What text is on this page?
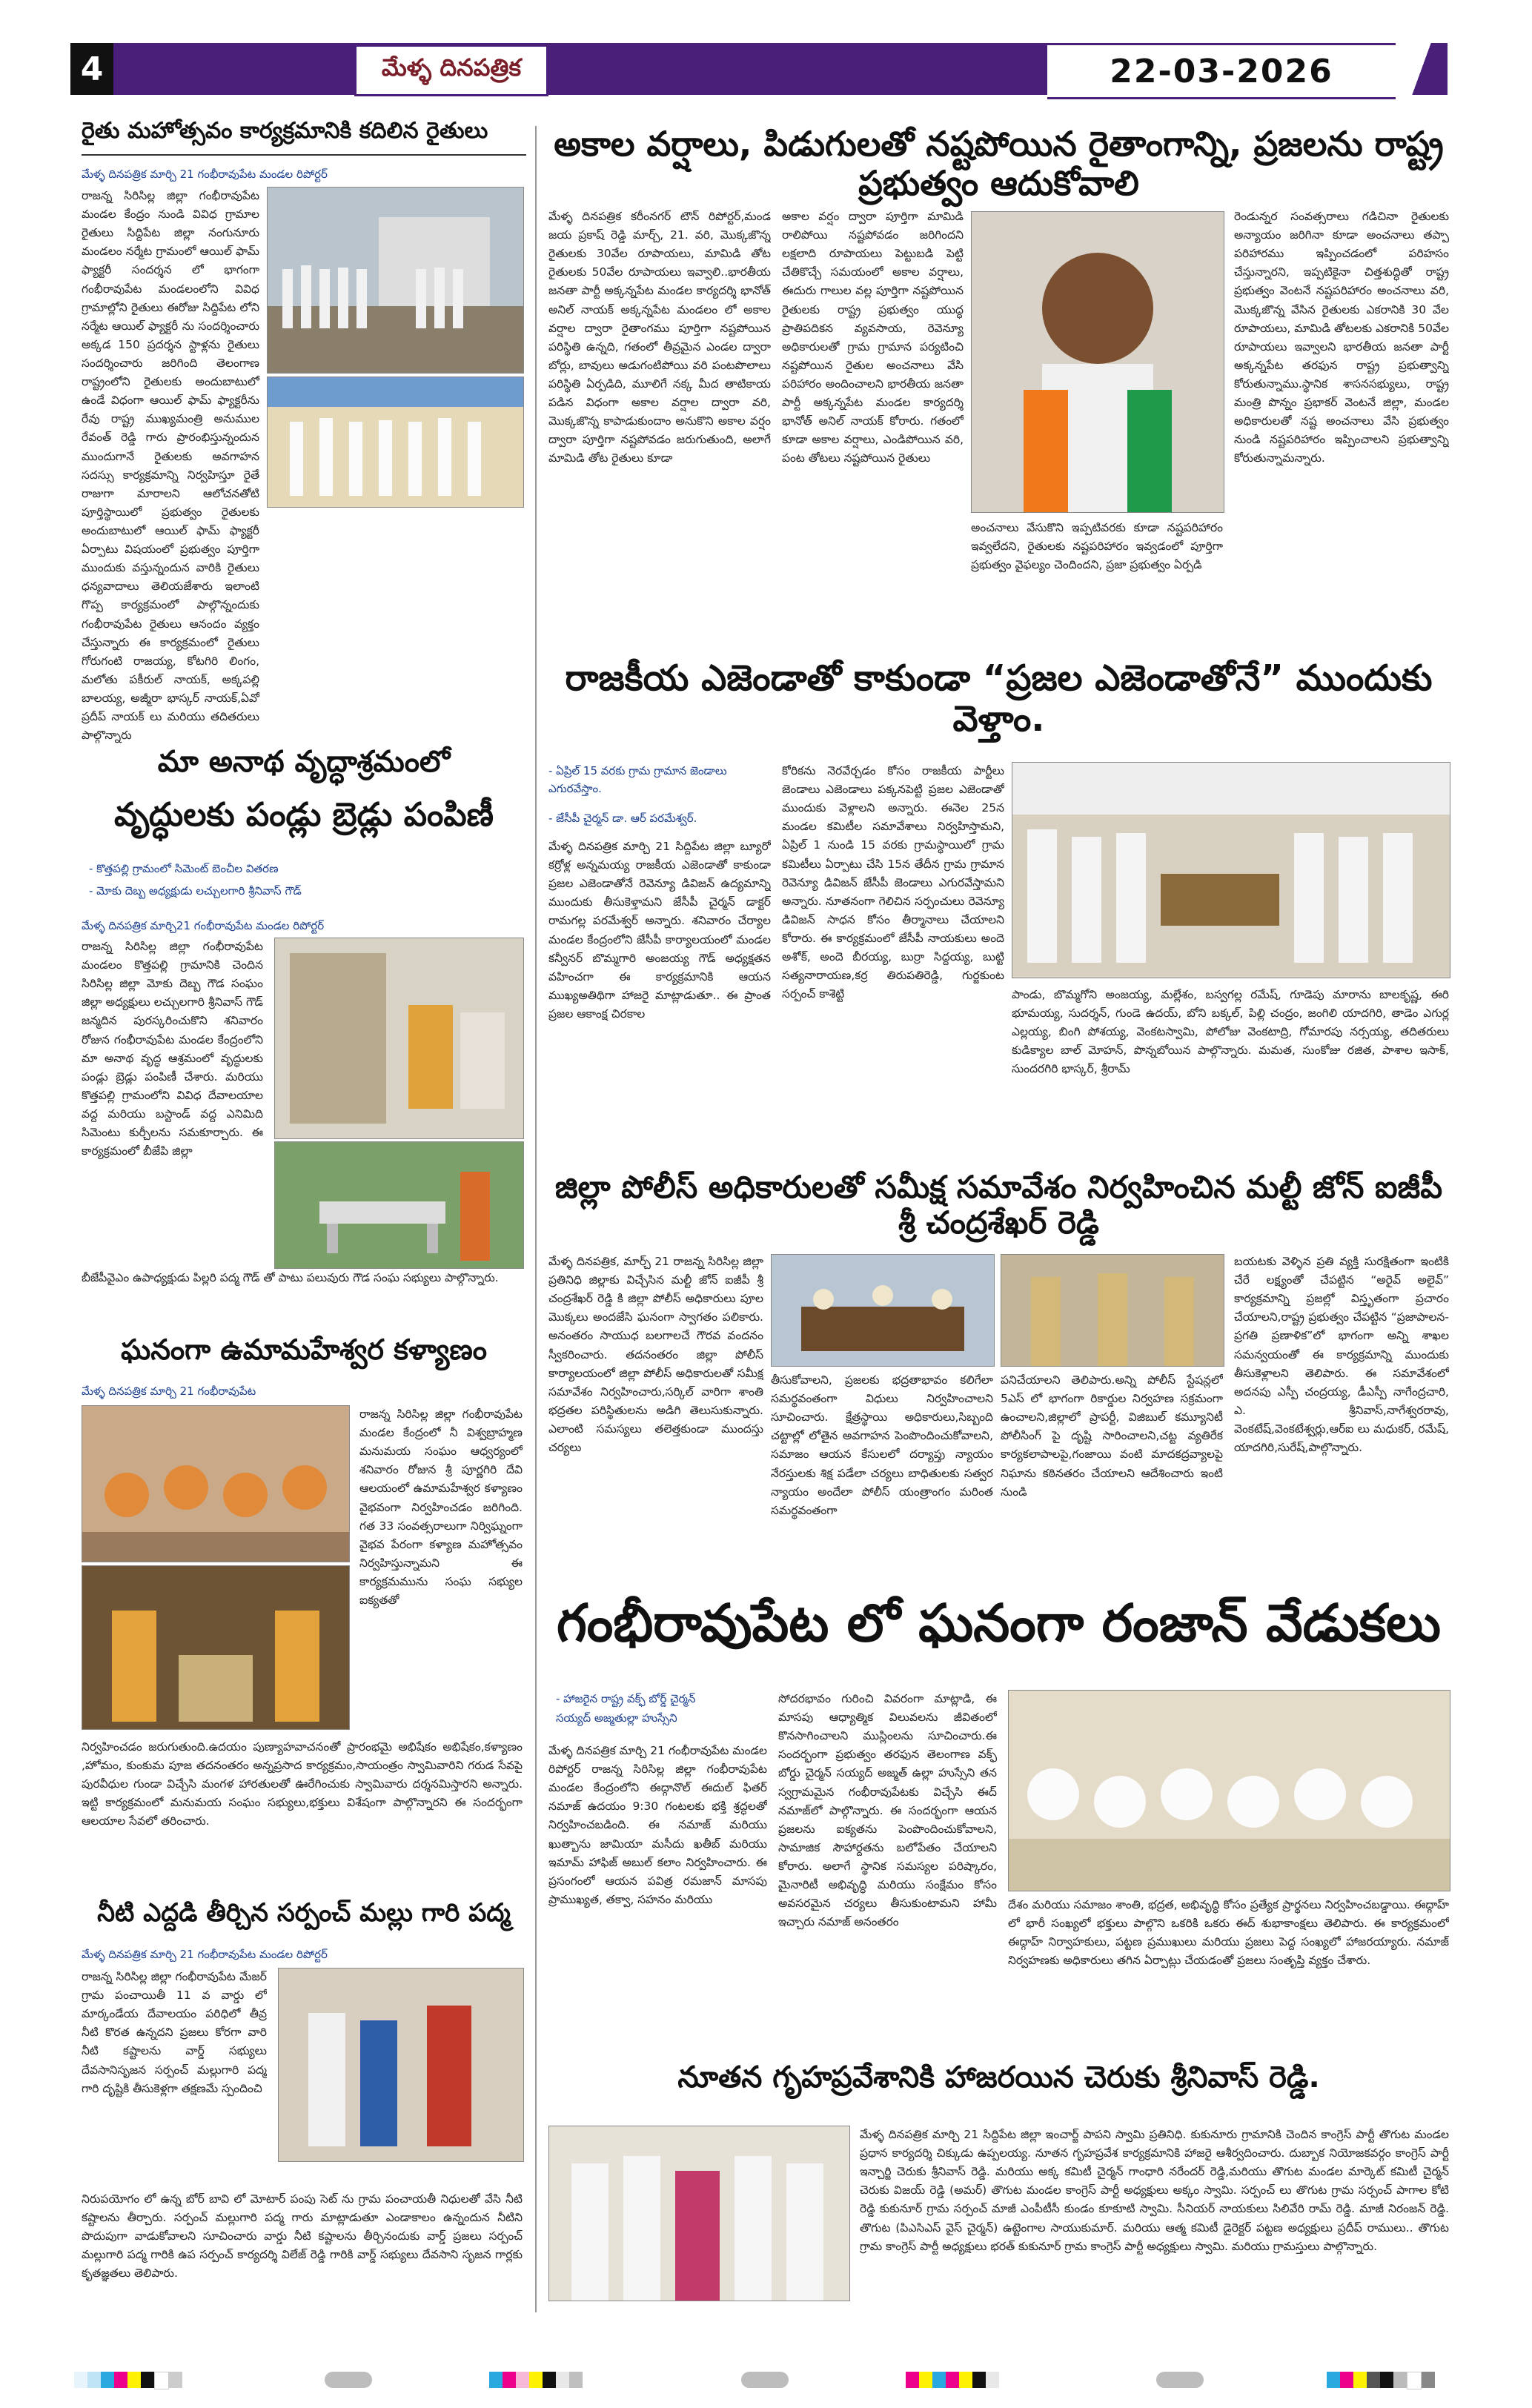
4	మేళ్ళ దినపత్రిక	22-03-2026
రైతు మహోత్సవం కార్యక్రమానికి కదిలిన రైతులు
మేళ్ళ దినపత్రిక మార్చి 21 గంభీరావుపేట మండల రిపోర్టర్
రాజన్న సిరిసిల్ల జిల్లా గంభీరావుపేట మండల కేంద్రం నుండి వివిధ గ్రామాల రైతులు సిద్దిపేట జిల్లా నంగునూరు మండలం నర్మేట గ్రామంలో ఆయిల్ ఫామ్ ఫ్యాక్టరీ సందర్శన లో భాగంగా గంభీరావుపేట మండలంలోని వివిధ గ్రామాల్లోని రైతులు ఈరోజు సిద్దిపేట లోని నర్మేట ఆయిల్ ఫ్యాక్టరీ ను సందర్శించారు అక్కడ 150 ప్రదర్శన స్టాళ్లను రైతులు సందర్శించారు జరిగింది తెలంగాణ రాష్ట్రంలోని రైతులకు అందుబాటులో ఉండే విధంగా ఆయిల్ ఫామ్ ఫ్యాక్టరీను రేవు రాష్ట్ర ముఖ్యమంత్రి అనుముల రేవంత్ రెడ్డి గారు ప్రారంభిస్తున్నందున ముందుగానే రైతులకు అవగాహన సదస్సు కార్యక్రమాన్ని నిర్వహిస్తూ రైతే రాజుగా మారాలని ఆలోచనతోటి పూర్తిస్థాయిలో ప్రభుత్వం రైతులకు అందుబాటులో ఆయిల్ ఫామ్ ఫ్యాక్టరీ ఏర్పాటు విషయంలో ప్రభుత్వం పూర్తిగా ముందుకు వస్తున్నందున వారికి రైతులు ధన్యవాదాలు తెలియజేశారు ఇలాంటి గొప్ప కార్యక్రమంలో పాల్గొన్నందుకు గంభీరావుపేట రైతులు ఆనందం వ్యక్తం చేస్తున్నారు ఈ కార్యక్రమంలో రైతులు గోరుగంటి రాజయ్య, కోటగిరి లింగం, మలోతు పకీరుల్ నాయక్, అక్కపల్లి బాలయ్య, అజ్మీరా భాస్కర్ నాయక్,ఏవో ప్రదీప్ నాయక్ లు మరియు తదితరులు పాల్గొన్నారు
మా అనాథ వృద్ధాశ్రమంలో
వృద్ధులకు పండ్లు బ్రెడ్లు పంపిణీ
- కొత్తపల్లి గ్రామంలో సిమెంట్ బెంచీల వితరణ
- మోకు దెబ్బ అధ్యక్షుడు లచ్చులగారి శ్రీనివాస్ గౌడ్
మేళ్ళ దినపత్రిక మార్చి21 గంభీరావుపేట మండల రిపోర్టర్
రాజన్న సిరిసిల్ల జిల్లా గంభీరావుపేట మండలం కొత్తపల్లి గ్రామానికి చెందిన సిరిసిల్ల జిల్లా మోకు దెబ్బ గౌడ సంఘం జిల్లా అధ్యక్షులు లచ్చులగారి శ్రీనివాస్ గౌడ్ జన్మదిన పురస్కరించుకొని శనివారం రోజున గంభీరావుపేట మండల కేంద్రంలోని మా అనాథ వృద్ధ ఆశ్రమంలో వృద్ధులకు పండ్లు బ్రెడ్లు పంపిణీ చేశారు. మరియు కొత్తపల్లి గ్రామంలోని వివిధ దేవాలయాల వద్ద మరియు బస్టాండ్ వద్ద ఎనిమిది సిమెంటు కుర్చీలను సమకూర్చారు. ఈ కార్యక్రమంలో బీజేపి జిల్లా
బీజేపీవైఎం ఉపాధ్యక్షుడు పిల్లరి పద్మ గౌడ్ తో పాటు పలువురు గౌడ సంఘ సభ్యులు పాల్గొన్నారు.
ఘనంగా ఉమామహేశ్వర కళ్యాణం
మేళ్ళ దినపత్రిక మార్చి 21 గంభీరావుపేట
రాజన్న సిరిసిల్ల జిల్లా గంభీరావుపేట మండల కేంద్రంలో నీ విశ్వబ్రాహ్మణ మనుమయ సంఘం ఆధ్వర్యంలో శనివారం రోజున శ్రీ పూర్ణగిరి దేవి ఆలయంలో ఉమామహేశ్వర కళ్యాణం వైభవంగా నిర్వహించడం జరిగింది. గత 33 సంవత్సరాలుగా నిర్విఘ్నంగా వైభవ పేరంగా కళ్యాణ మహోత్సవం నిర్వహిస్తున్నామని ఈ కార్యక్రమమును సంఘ సభ్యుల ఐక్యతతో
నిర్వహించడం జరుగుతుంది.ఉదయం పుణ్యాహవాచనంతో ప్రారంభమై అభిషేకం అభిషేకం,కళ్యాణం ,హోమం, కుంకుమ పూజ తదనంతరం అన్నప్రసాద కార్యక్రమం,సాయంత్రం స్వామివారిని గరుడ సేవపై పురవీధుల గుండా విచ్చేసి మంగళ హారతులతో ఊరేగించుకు స్వామివారు దర్శనమిస్తారని అన్నారు. ఇట్టి కార్యక్రమంలో మనుమయ సంఘం సభ్యులు,భక్తులు విశేషంగా పాల్గొన్నారని ఈ సందర్భంగా ఆలయాల సేవలో తరించారు.
నీటి ఎద్దడి తీర్చిన సర్పంచ్ మల్లు గారి పద్మ
మేళ్ళ దినపత్రిక మార్చి 21 గంభీరావుపేట మండల రిపోర్టర్
రాజన్న సిరిసిల్ల జిల్లా గంభీరావుపేట మేజర్ గ్రామ పంచాయితీ 11 వ వార్డు లో మార్కండేయ దేవాలయం పరిధిలో తీవ్ర నీటి కొరత ఉన్నదని ప్రజలు కోరగా వారి నీటి కష్టాలను వార్డ్ సభ్యులు దేవసానిసృజన సర్పంచ్ మల్లుగారి పద్మ గారి దృష్టికి తీసుకెళ్లగా తక్షణమే స్పందించి
నిరుపయోగం లో ఉన్న బోర్ బావి లో మోటార్ పంపు సెట్ ను గ్రామ పంచాయతీ నిధులతో వేసి నీటి కష్టాలను తీర్చారు. సర్పంచ్ మల్లుగారి పద్మ గారు మాట్లాడుతూ ఎండాకాలం ఉన్నందున నీటిని పొదుపుగా వాడుకోవాలని సూచించారు వార్డు నీటి కష్టాలను తీర్చినందుకు వార్డ్ ప్రజలు సర్పంచ్ మల్లుగారి పద్మ గారికి ఉప సర్పంచ్ కార్యదర్శి విలేజ్ రెడ్డి గారికి వార్డ్ సభ్యులు దేవసాని సృజన గార్లకు కృతజ్ఞతలు తెలిపారు.
అకాల వర్షాలు, పిడుగులతో నష్టపోయిన రైతాంగాన్ని, ప్రజలను రాష్ట్ర ప్రభుత్వం ఆదుకోవాలి
మేళ్ళ దినపత్రిక కరీంనగర్ టౌన్ రిపోర్టర్,మండ జయ ప్రకాష్ రెడ్డి మార్చ్, 21. వరి, మొక్కజొన్న రైతులకు 30వేల రూపాయలు, మామిడి తోట రైతులకు 50వేల రూపాయలు ఇవ్వాలి..భారతీయ జనతా పార్టీ అక్కన్నపేట మండల కార్యదర్శి భానోత్ అనిల్ నాయక్ అక్కన్నపేట మండలం లో అకాల వర్షాల ద్వారా రైతాంగము పూర్తిగా నష్టపోయిన పరిస్థితి ఉన్నది, గతంలో తీవ్రమైన ఎండల ద్వారా బోర్లు, బావులు అడుగంటిపోయి వరి పంటపొలాలు పరిస్థితి ఏర్పడిది, మూలిగే నక్క మీద తాటికాయ పడిన విధంగా అకాల వర్షాల ద్వారా వరి, మొక్కజొన్న కాపాడుకుందాం అనుకొని అకాల వర్షం ద్వారా పూర్తిగా నష్టపోవడం జరుగుతుంది, అలాగే మామిడి తోట రైతులు కూడా
అకాల వర్షం ద్వారా పూర్తిగా మామిడి రాలిపోయి నష్టపోవడం జరిగిందని లక్షలాది రూపాయలు పెట్టుబడి పెట్టి చేతికొచ్చే సమయంలో అకాల వర్షాలు, ఈదురు గాలుల వల్ల పూర్తిగా నష్టపోయిన రైతులకు రాష్ట్ర ప్రభుత్వం యుద్ధ ప్రాతిపదికన వ్యవసాయ, రెవెన్యూ అధికారులతో గ్రామ గ్రామాన పర్యటించి నష్టపోయిన రైతుల అంచనాలు వేసి పరిహారం అందించాలని భారతీయ జనతా పార్టీ అక్కన్నపేట మండల కార్యదర్శి భానోత్ అనిల్ నాయక్ కోరారు. గతంలో కూడా అకాల వర్షాలు, ఎండిపోయిన వరి, పంట తోటలు నష్టపోయిన రైతులు
అంచనాలు వేసుకొని ఇప్పటివరకు కూడా నష్టపరిహారం ఇవ్వలేదని, రైతులకు నష్టపరిహారం ఇవ్వడంలో పూర్తిగా ప్రభుత్వం వైఫల్యం చెందిందని, ప్రజా ప్రభుత్వం ఏర్పడి
రెండున్నర సంవత్సరాలు గడిచినా రైతులకు అన్యాయం జరిగినా కూడా అంచనాలు తప్పా పరిహారము ఇప్పించడంలో పరిహసం చేస్తున్నారని, ఇప్పటికైనా చిత్తశుద్ధితో రాష్ట్ర ప్రభుత్వం వెంటనే నష్టపరిహారం అంచనాలు వరి, మొక్కజొన్న వేసిన రైతులకు ఎకరానికి 30 వేల రూపాయలు, మామిడి తోటలకు ఎకరానికి 50వేల రూపాయలు ఇవ్వాలని భారతీయ జనతా పార్టీ అక్కన్నపేట తరఫున రాష్ట్ర ప్రభుత్వాన్ని కోరుతున్నాము.స్థానిక శాసనసభ్యులు, రాష్ట్ర మంత్రి పొన్నం ప్రభాకర్ వెంటనే జిల్లా, మండల అధికారులతో నష్ట అంచనాలు వేసి ప్రభుత్వం నుండి నష్టపరిహారం ఇప్పించాలని ప్రభుత్వాన్ని కోరుతున్నామన్నారు.
రాజకీయ ఎజెండాతో కాకుండా “ప్రజల ఎజెండాతోనే” ముందుకు వెళ్తాం.
- ఏప్రిల్ 15 వరకు గ్రామ గ్రామాన జెండాలు ఎగురవేస్తాం.
- జేసీపీ చైర్మన్ డా. ఆర్ పరమేశ్వర్.
మేళ్ళ దినపత్రిక మార్చి 21 సిద్దిపేట జిల్లా బ్యూరో కర్రోళ్ల అన్నమయ్య రాజకీయ ఎజెండాతో కాకుండా ప్రజల ఎజెండాతోనే రెవెన్యూ డివిజన్ ఉద్యమాన్ని ముందుకు తీసుకెళ్తామని జేసీపీ చైర్మన్ డాక్టర్ రామగల్ల పరమేశ్వర్ అన్నారు. శనివారం చేర్యాల మండల కేంద్రంలోని జేసీపీ కార్యాలయంలో మండల కన్వీనర్ బొమ్మగారి అంజయ్య గౌడ్ అధ్యక్షతన వహించగా ఈ కార్యక్రమానికి ఆయన ముఖ్యఅతిథిగా హాజరై మాట్లాడుతూ.. ఈ ప్రాంత ప్రజల ఆకాంక్ష చిరకాల
కోరికను నెరవేర్చడం కోసం రాజకీయ పార్టీలు జెండాలు ఎజెండాలు పక్కనపెట్టి ప్రజల ఎజెండాతో ముందుకు వెళ్లాలని అన్నారు. ఈనెల 25న మండల కమిటీల సమావేశాలు నిర్వహిస్తామని, ఏప్రిల్ 1 నుండి 15 వరకు గ్రామస్థాయిలో గ్రామ కమిటీలు ఏర్పాటు చేసి 15న తేదీన గ్రామ గ్రామాన రెవెన్యూ డివిజన్ జేసీపీ జెండాలు ఎగురవేస్తామని అన్నారు. నూతనంగా గెలిచిన సర్పంచులు రెవెన్యూ డివిజన్ సాధన కోసం తీర్మానాలు చేయాలని కోరారు. ఈ కార్యక్రమంలో జేసీపీ నాయకులు అందె అశోక్, అందె బీరయ్య, బుర్రా సిద్దయ్య, బుట్టి సత్యనారాయణ,కర్ర తిరుపతిరెడ్డి, గుర్జకుంట సర్పంచ్ కాశెట్టి	పాండు, బొమ్మగోని అంజయ్య, మల్లేశం, బస్వగల్ల రమేష్, గూడెపు మారాను బాలకృష్ణ, ఈరి భూమయ్య, సుదర్శన్, గుండె ఉదయ్, బోని బక్కల్, పిల్లి చంద్రం, జంగిలి యాదగిరి, తాడెం ఎగుర్ల ఎల్లయ్య, బింగి పోశయ్య, వెంకటస్వామి, పోలోజు వెంకటాద్రి, గోమారపు నర్సయ్య, తదితరులు కుడిక్యాల బాల్ మోహన్, పొన్నబోయిన పాల్గొన్నారు. మమత, సుంకోజు రజిత, పాశాల ఇసాక్, సుందరగిరి భాస్కర్, శ్రీరామ్
జిల్లా పోలీస్ అధికారులతో సమీక్ష సమావేశం నిర్వహించిన మల్టీ జోన్ ఐజీపీ శ్రీ చంద్రశేఖర్ రెడ్డి
మేళ్ళ దినపత్రిక, మార్చ్ 21 రాజన్న సిరిసిల్ల జిల్లా ప్రతినిధి జిల్లాకు విచ్చేసిన మల్టీ జోన్ ఐజీపీ శ్రీ చంద్రశేఖర్ రెడ్డి కి జిల్లా పోలీస్ అధికారులు పూల మొక్కలు అందజేసి ఘనంగా స్వాగతం పలికారు. అనంతరం సాయుధ బలగాలచే గౌరవ వందనం స్వీకరించారు. తదనంతరం జిల్లా పోలీస్ కార్యాలయంలో జిల్లా పోలీస్ అధికారులతో సమీక్ష సమావేశం నిర్వహించారు,సర్కిల్ వారిగా శాంతి భద్రతల పరిస్థితులను అడిగి తెలుసుకున్నారు. ఎలాంటి సమస్యలు తలెత్తకుండా ముందస్తు చర్యలు
తీసుకోవాలని, ప్రజలకు భద్రతాభావం కలిగేలా సమర్థవంతంగా విధులు నిర్వహించాలని సూచించారు. క్షేత్రస్థాయి అధికారులు,సిబ్బంది చట్టాల్లో లోతైన అవగాహన పెంపొందించుకోవాలని, సమాజం ఆయన కేసులలో దర్యాప్తు న్యాయం నేరస్తులకు శిక్ష పడేలా చర్యలు బాధితులకు సత్వర న్యాయం అందేలా పోలీస్ యంత్రాంగం మరింత సమర్థవంతంగా
పనిచేయాలని తెలిపారు.అన్ని పోలీస్ స్టేషన్లలో 5ఎస్ లో భాగంగా రికార్డుల నిర్వహణ సక్రమంగా ఉంచాలని,జిల్లాలో ప్రాపర్టీ, విజిబుల్ కమ్యూనిటీ పోలీసింగ్ పై దృష్టి సారించాలని,చట్ట వ్యతిరేక కార్యకలాపాలపై,గంజాయి వంటి మాదకద్రవ్యాలపై నిఘాను కఠినతరం చేయాలని ఆదేశించారు ఇంటి నుండి
బయటకు వెళ్ళిన ప్రతి వ్యక్తి సురక్షితంగా ఇంటికి చేరే లక్ష్యంతో చేపట్టిన “అరైవ్ అలైవ్” కార్యక్రమాన్ని ప్రజల్లో విస్తృతంగా ప్రచారం చేయాలని,రాష్ట్ర ప్రభుత్వం చేపట్టిన “ప్రజాపాలన-ప్రగతి ప్రణాళిక”లో భాగంగా అన్ని శాఖల సమన్వయంతో ఈ కార్యక్రమాన్ని ముందుకు తీసుకెళ్లాలని తెలిపారు. ఈ సమావేశంలో అదనపు ఎస్పీ చంద్రయ్య, డీఎస్పీ నాగేంద్రచారి, ఎ. శ్రీనివాస్,నాగేశ్వరరావు, వెంకటేష్,వెంకటేశ్వర్లు,ఆర్ఐ లు మధుకర్, రమేష్, యాదగిరి,సురేష్,పాల్గొన్నారు.
గంభీరావుపేట లో ఘనంగా రంజాన్ వేడుకలు
- హాజరైన రాష్ట్ర వక్ఫ్ బోర్డ్ చైర్మన్
సయ్యద్ అజ్మతుల్లా హుస్సేని
మేళ్ళ దినపత్రిక మార్చి 21 గంభీరావుపేట మండల రిపోర్టర్ రాజన్న సిరిసిల్ల జిల్లా గంభీరావుపేట మండల కేంద్రంలోని ఈద్గానొల్ ఈదుల్ ఫితర్ నమాజ్ ఉదయం 9:30 గంటలకు భక్తి శ్రద్ధలతో నిర్వహించబడింది. ఈ నమాజ్ మరియు ఖుత్బాను జామియా మసీదు ఖతీబ్ మరియు ఇమామ్ హాఫిజ్ అబుల్ కలాం నిర్వహించారు. ఈ ప్రసంగంలో ఆయన పవిత్ర రమజాన్ మాసపు ప్రాముఖ్యత, తక్వా, సహనం మరియు
సోదరభావం గురించి వివరంగా మాట్లాడి, ఈ మాసపు ఆధ్యాత్మిక విలువలను జీవితంలో కొనసాగించాలని ముస్లింలను సూచించారు.ఈ సందర్భంగా ప్రభుత్వం తరఫున తెలంగాణ వక్ఫ్ బోర్డు చైర్మన్ సయ్యద్ అజ్మత్ ఉల్లా హుస్సేని తన స్వగ్రామమైన గంభీరావుపేటకు విచ్చేసి ఈద్ నమాజ్‌లో పాల్గొన్నారు. ఈ సందర్భంగా ఆయన ప్రజలను ఐక్యతను పెంపొందించుకోవాలని, సామాజిక సౌహార్దతను బలోపేతం చేయాలని కోరారు. అలాగే స్థానిక సమస్యల పరిష్కారం, మైనారిటీ అభివృద్ధి మరియు సంక్షేమం కోసం అవసరమైన చర్యలు తీసుకుంటామని హామీ ఇచ్చారు నమాజ్ అనంతరం
దేశం మరియు సమాజం శాంతి, భద్రత, అభివృద్ధి కోసం ప్రత్యేక ప్రార్థనలు నిర్వహించబడ్డాయి. ఈద్గాహ్ లో భారీ సంఖ్యలో భక్తులు పాల్గొని ఒకరికి ఒకరు ఈద్ శుభాకాంక్షలు తెలిపారు. ఈ కార్యక్రమంలో ఈద్గాహ్ నిర్వాహకులు, పట్టణ ప్రముఖులు మరియు ప్రజలు పెద్ద సంఖ్యలో హాజరయ్యారు. నమాజ్ నిర్వహణకు అధికారులు తగిన ఏర్పాట్లు చేయడంతో ప్రజలు సంతృప్తి వ్యక్తం చేశారు.
నూతన గృహప్రవేశానికి హాజరయిన చెరుకు శ్రీనివాస్ రెడ్డి.
మేళ్ళ దినపత్రిక మార్చి 21 సిద్దిపేట జిల్లా ఇంచార్జ్ పాపని స్వామి ప్రతినిధి. కుకునూరు గ్రామానికి చెందిన కాంగ్రెస్ పార్టీ తొగుట మండల ప్రధాన కార్యదర్శి చిక్కుడు ఉప్పలయ్య. నూతన గృహప్రవేశ కార్యక్రమానికి హాజరై ఆశీర్వదించారు. దుబ్బాక నియోజకవర్గం కాంగ్రెస్ పార్టీ ఇన్చార్జి చెరుకు శ్రీనివాస్ రెడ్డి. మరియు అక్క కమిటీ చైర్మన్ గాంధారి నరేందర్ రెడ్డి,మరియు తొగుట మండల మార్కెట్ కమిటీ చైర్మన్ చెరుకు విజయ్ రెడ్డి (అమర్) తొగుట మండల కాంగ్రెస్ పార్టీ అధ్యక్షులు అక్కం స్వామి. సర్పంచ్ లు తొగుట గ్రామ సర్పంచ్ పాగాల కోటి రెడ్డి కుకునూర్ గ్రామ సర్పంచ్ మాజీ ఎంపీటీసీ కుండం కూకూటి స్వామి. సీనియర్ నాయకులు సిలివేరి రామ్ రెడ్డి. మాజీ నిరంజన్ రెడ్డి. తొగుట (పిఎసిఎస్ వైస్ చైర్మన్) ఉట్టెంగాల సాయుకుమార్. మరియు ఆత్మ కమిటీ డైరెక్టర్ పట్టణ అధ్యక్షులు ప్రదీప్ రాములు.. తొగుట గ్రామ కాంగ్రెస్ పార్టీ అధ్యక్షులు భరత్ కుకునూర్ గ్రామ కాంగ్రెస్ పార్టీ అధ్యక్షులు స్వామి. మరియు గ్రామస్తులు పాల్గొన్నారు.
